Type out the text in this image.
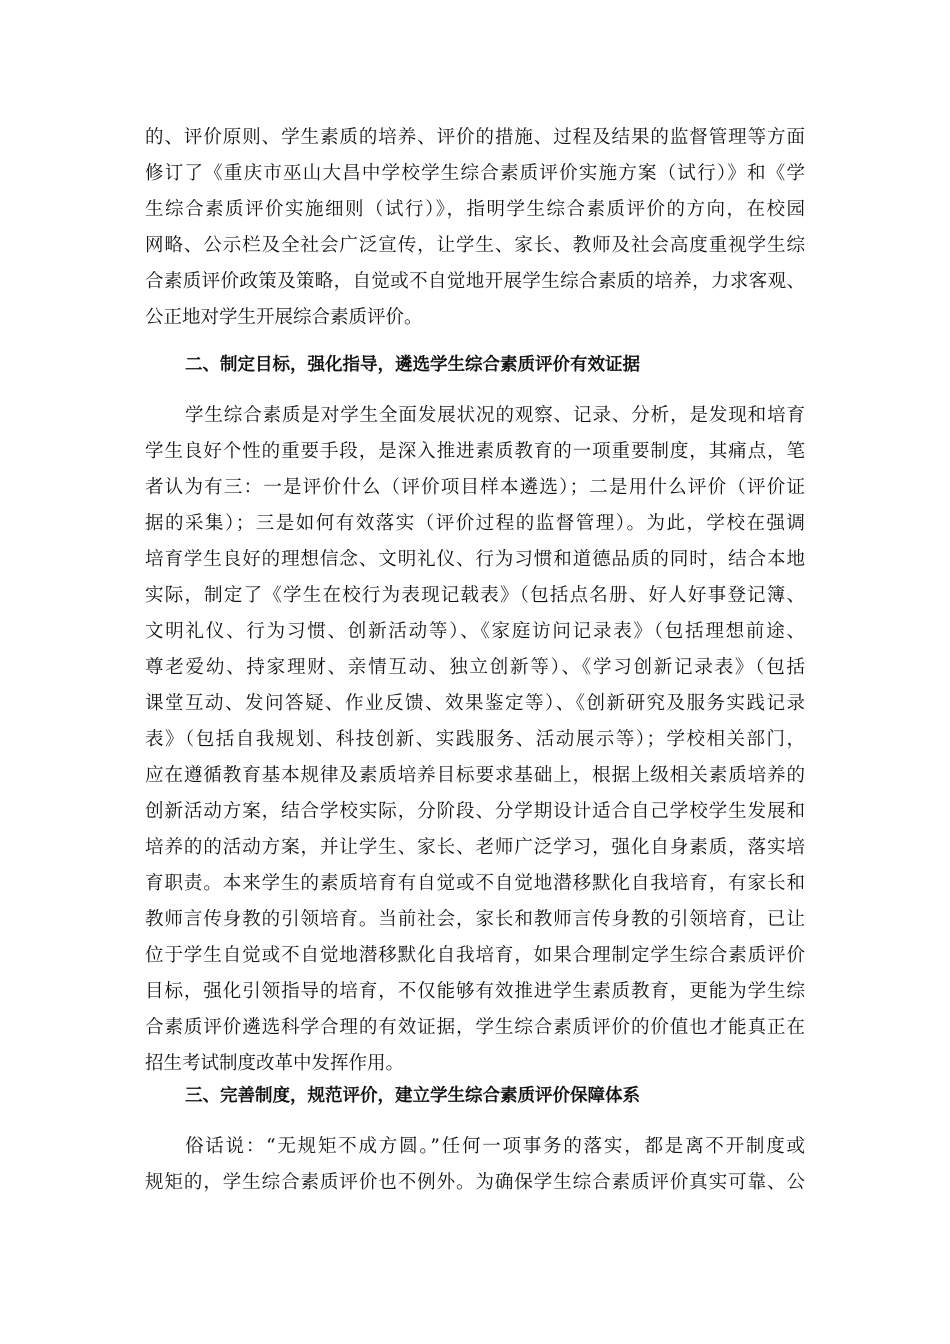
的、评价原则、学生素质的培养、评价的措施、过程及结果的监督管理等方面
修订了《重庆市巫山大昌中学校学生综合素质评价实施方案（试行）》和《学
生综合素质评价实施细则（试行）》，指明学生综合素质评价的方向，在校园
网略、公示栏及全社会广泛宣传，让学生、家长、教师及社会高度重视学生综
合素质评价政策及策略，自觉或不自觉地开展学生综合素质的培养，力求客观、
公正地对学生开展综合素质评价。
二、制定目标，强化指导，遴选学生综合素质评价有效证据
学生综合素质是对学生全面发展状况的观察、记录、分析，是发现和培育
学生良好个性的重要手段，是深入推进素质教育的一项重要制度，其痛点，笔
者认为有三：一是评价什么（评价项目样本遴选）；二是用什么评价（评价证
据的采集）；三是如何有效落实（评价过程的监督管理）。为此，学校在强调
培育学生良好的理想信念、文明礼仪、行为习惯和道德品质的同时，结合本地
实际，制定了《学生在校行为表现记载表》（包括点名册、好人好事登记簿、
文明礼仪、行为习惯、创新活动等）、《家庭访问记录表》（包括理想前途、
尊老爱幼、持家理财、亲情互动、独立创新等）、《学习创新记录表》（包括
课堂互动、发问答疑、作业反馈、效果鉴定等）、《创新研究及服务实践记录
表》（包括自我规划、科技创新、实践服务、活动展示等）；学校相关部门，
应在遵循教育基本规律及素质培养目标要求基础上，根据上级相关素质培养的
创新活动方案，结合学校实际，分阶段、分学期设计适合自己学校学生发展和
培养的的活动方案，并让学生、家长、老师广泛学习，强化自身素质，落实培
育职责。本来学生的素质培育有自觉或不自觉地潜移默化自我培育，有家长和
教师言传身教的引领培育。当前社会，家长和教师言传身教的引领培育，已让
位于学生自觉或不自觉地潜移默化自我培育，如果合理制定学生综合素质评价
目标，强化引领指导的培育，不仅能够有效推进学生素质教育，更能为学生综
合素质评价遴选科学合理的有效证据，学生综合素质评价的价值也才能真正在
招生考试制度改革中发挥作用。
三、完善制度，规范评价，建立学生综合素质评价保障体系
俗话说：“无规矩不成方圆。”任何一项事务的落实，都是离不开制度或
规矩的，学生综合素质评价也不例外。为确保学生综合素质评价真实可靠、公
